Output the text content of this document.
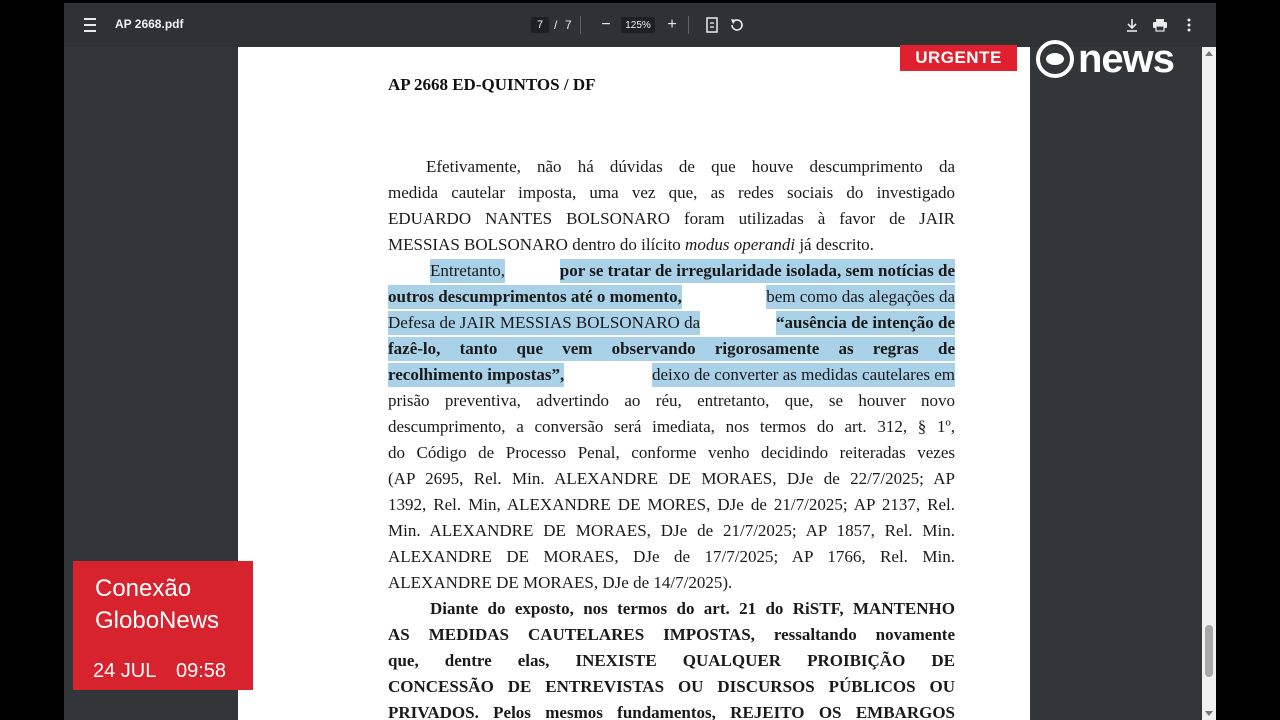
AP 2668.pdf	7 / 7	−	125%	+
AP 2668 ED-QUINTOS / DF
Efetivamente, não há dúvidas de que houve descumprimento da
medida cautelar imposta, uma vez que, as redes sociais do investigado
EDUARDO NANTES BOLSONARO foram utilizadas à favor de JAIR
MESSIAS BOLSONARO dentro do ilícito modus operandi já descrito.
Entretanto,	por se tratar de irregularidade isolada, sem notícias de
outros descumprimentos até o momento,	bem como das alegações da
Defesa de JAIR MESSIAS BOLSONARO da	“ausência de intenção de
fazê-lo, tanto que vem observando rigorosamente as regras de
recolhimento impostas”,	deixo de converter as medidas cautelares em
prisão preventiva, advertindo ao réu, entretanto, que, se houver novo
descumprimento, a conversão será imediata, nos termos do art. 312, § 1º,
do Código de Processo Penal, conforme venho decidindo reiteradas vezes
(AP 2695, Rel. Min. ALEXANDRE DE MORAES, DJe de 22/7/2025; AP
1392, Rel. Min, ALEXANDRE DE MORES, DJe de 21/7/2025; AP 2137, Rel.
Min. ALEXANDRE DE MORAES, DJe de 21/7/2025; AP 1857, Rel. Min.
ALEXANDRE DE MORAES, DJe de 17/7/2025; AP 1766, Rel. Min.
ALEXANDRE DE MORAES, DJe de 14/7/2025).
Diante do exposto, nos termos do art. 21 do RiSTF, MANTENHO
AS MEDIDAS CAUTELARES IMPOSTAS, ressaltando novamente
que, dentre elas, INEXISTE QUALQUER PROIBIÇÃO DE
CONCESSÃO DE ENTREVISTAS OU DISCURSOS PÚBLICOS OU
PRIVADOS. Pelos mesmos fundamentos, REJEITO OS EMBARGOS
URGENTE	news
Conexão
GloboNews
24 JUL 09:58
